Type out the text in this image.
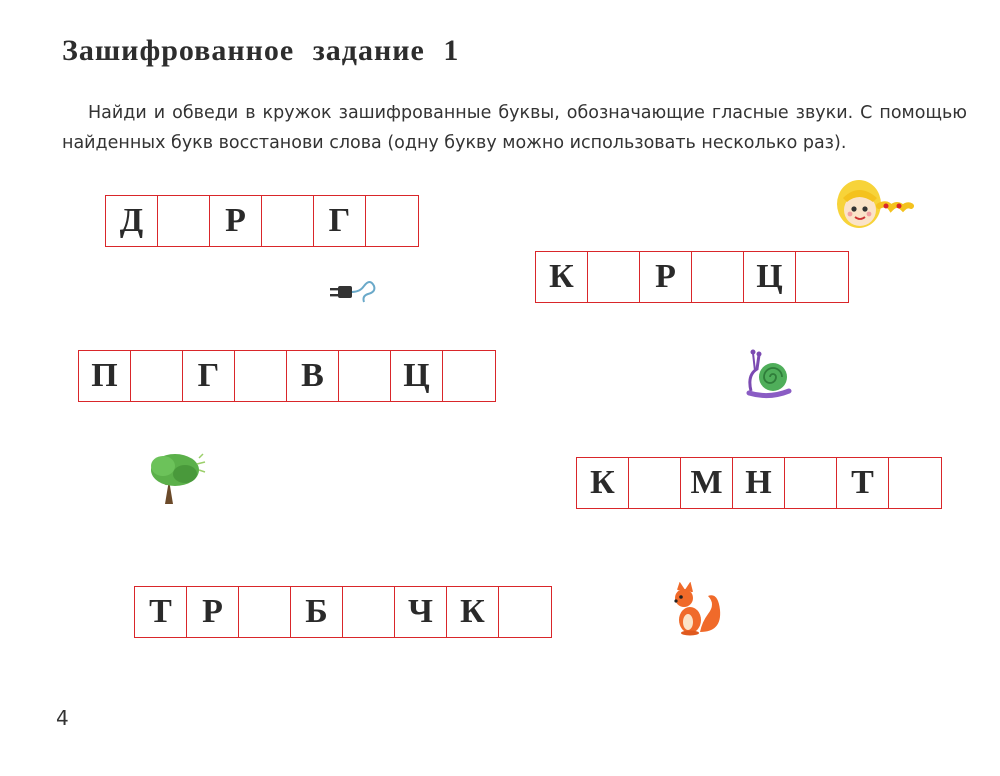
Зашифрованное задание 1
Найди и обведи в кружок зашифрованные буквы, обозначающие гласные звуки. С помощью найденных букв восстанови слова (одну букву можно использовать несколько раз).
Д	Р	Г
К	Р	Ц
П	Г	В	Ц
К	М Н	Т
Т Р	Б	Ч К
4
